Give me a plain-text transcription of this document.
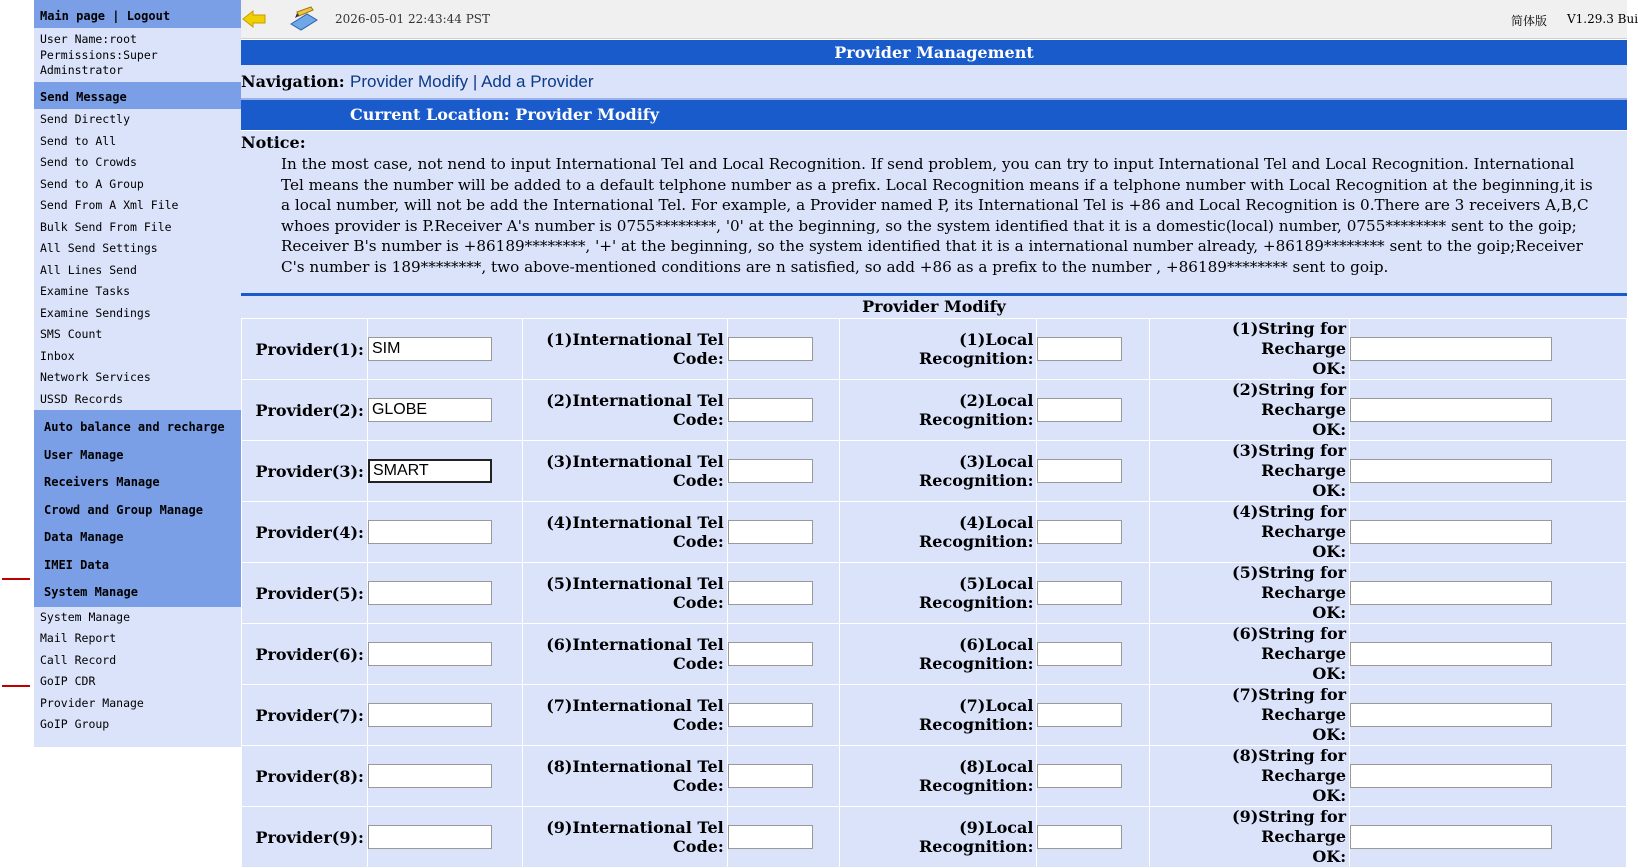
Main page | Logout
User Name:root
Permissions:Super Adminstrator
Send Message
Send Directly
Send to All
Send to Crowds
Send to A Group
Send From A Xml File
Bulk Send From File
All Send Settings
All Lines Send
Examine Tasks
Examine Sendings
SMS Count
Inbox
Network Services
USSD Records
Auto balance and recharge
User Manage
Receivers Manage
Crowd and Group Manage
Data Manage
IMEI Data
System Manage
System Manage
Mail Report
Call Record
GoIP CDR
Provider Manage
GoIP Group
2026-05-01 22:43:44 PST	简体版 V1.29.3 Bui
Provider Management
Navigation: Provider Modify | Add a Provider
Current Location: Provider Modify
Notice:
In the most case, not nend to input International Tel and Local Recognition. If send problem, you can try to input International Tel and Local Recognition. International Tel means the number will be added to a default telphone number as a prefix. Local Recognition means if a telphone number with Local Recognition at the beginning,it is a local number, will not be add the International Tel. For example, a Provider named P, its International Tel is +86 and Local Recognition is 0.There are 3 receivers A,B,C whoes provider is P.Receiver A's number is 0755********, '0' at the beginning, so the system identified that it is a domestic(local) number, 0755******** sent to the goip; Receiver B's number is +86189********, '+' at the beginning, so the system identified that it is a international number already, +86189******** sent to the goip;Receiver C's number is 189********, two above-mentioned conditions are n satisfied, so add +86 as a prefix to the number , +86189******** sent to goip.
Provider Modify
Provider(1):	SIM	(1)International Tel Code:		(1)Local Recognition:		(1)String for Recharge
OK:

Provider(2):	GLOBE	(2)International Tel Code:		(2)Local Recognition:		(2)String for Recharge
OK:

Provider(3):	SMART	(3)International Tel Code:		(3)Local Recognition:		(3)String for Recharge
OK:

Provider(4):		(4)International Tel Code:		(4)Local Recognition:		(4)String for Recharge
OK:

Provider(5):		(5)International Tel Code:		(5)Local Recognition:		(5)String for Recharge
OK:

Provider(6):		(6)International Tel Code:		(6)Local Recognition:		(6)String for Recharge
OK:

Provider(7):		(7)International Tel Code:		(7)Local Recognition:		(7)String for Recharge
OK:

Provider(8):		(8)International Tel Code:		(8)Local Recognition:		(8)String for Recharge
OK:

Provider(9):		(9)International Tel Code:		(9)Local Recognition:		(9)String for Recharge
OK:
